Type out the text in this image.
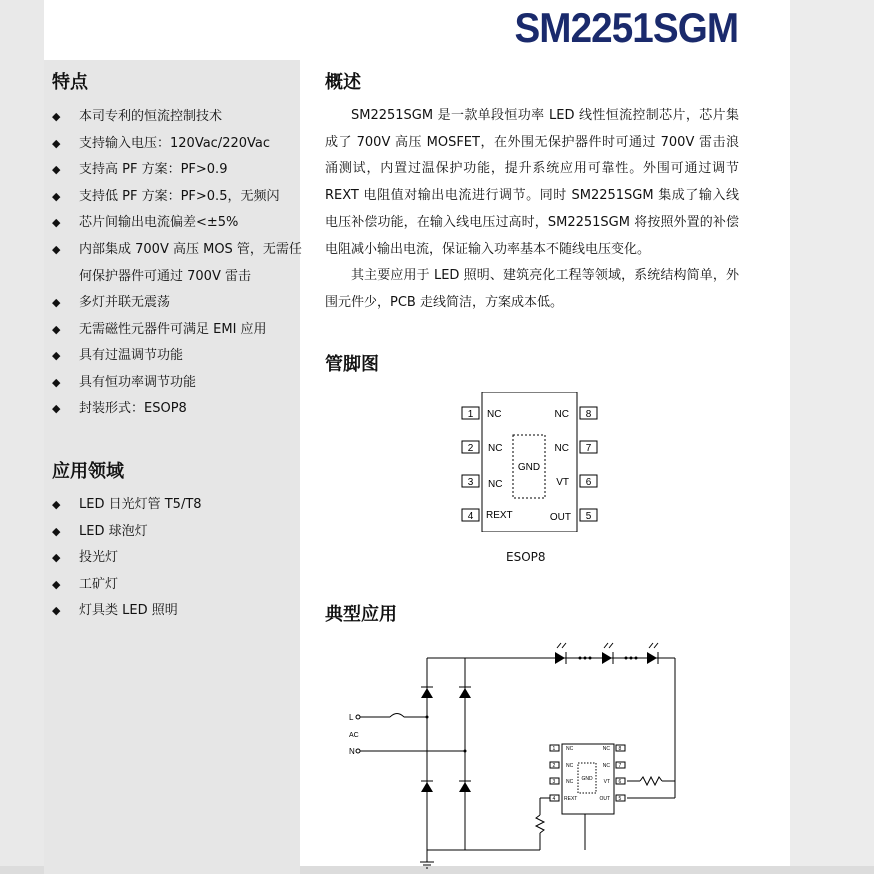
SM2251SGM
特点
◆ 本司专利的恒流控制技术
◆ 支持输入电压：120Vac/220Vac
◆ 支持高 PF 方案：PF>0.9
◆ 支持低 PF 方案：PF>0.5，无频闪
◆ 芯片间输出电流偏差<±5%
◆ 内部集成 700V 高压 MOS 管，无需任何保护器件可通过 700V 雷击
◆ 多灯并联无震荡
◆ 无需磁性元器件可满足 EMI 应用
◆ 具有过温调节功能
◆ 具有恒功率调节功能
◆ 封装形式：ESOP8
应用领域
◆ LED 日光灯管 T5/T8
◆ LED 球泡灯
◆ 投光灯
◆ 工矿灯
◆ 灯具类 LED 照明
概述

SM2251SGM 是一款单段恒功率 LED 线性恒流控制芯片，芯片集成了 700V 高压 MOSFET，在外围无保护器件时可通过 700V 雷击浪涌测试，内置过温保护功能，提升系统应用可靠性。外围可通过调节 REXT 电阻值对输出电流进行调节。同时 SM2251SGM 集成了输入线电压补偿功能，在输入线电压过高时，SM2251SGM 将按照外置的补偿电阻减小输出电流，保证输入功率基本不随线电压变化。

其主要应用于 LED 照明、建筑亮化工程等领域，系统结构简单，外围元件少，PCB 走线简洁，方案成本低。

管脚图
GND
1 NC
2 NC
3 NC
4 REXT	5
OUT
6
VT
7
NC
8
NC
ESOP8
典型应用
L
AC
N
GND
1 NC
2 NC
3 NC
4 REXT	5
OUT
6
VT
7
NC
8
NC
